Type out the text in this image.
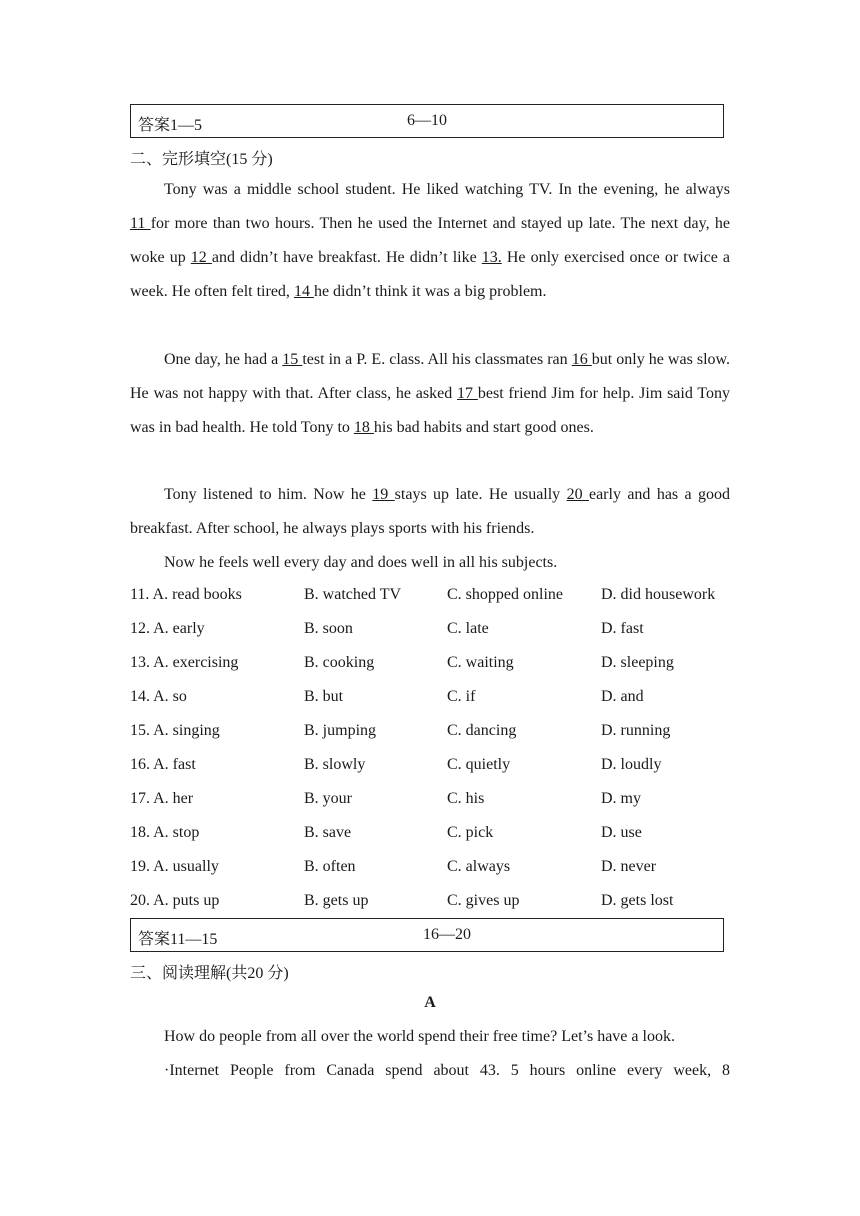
答案1—5	6—10
二、完形填空(15 分)

Tony was a middle school student. He liked watching TV. In the evening, he always 11 for more than two hours. Then he used the Internet and stayed up late. The next day, he woke up 12 and didn’t have breakfast. He didn’t like 13. He only exercised once or twice a week. He often felt tired, 14 he didn’t think it was a big problem.

One day, he had a 15 test in a P. E. class. All his classmates ran 16 but only he was slow. He was not happy with that. After class, he asked 17 best friend Jim for help. Jim said Tony was in bad health. He told Tony to 18 his bad habits and start good ones.

Tony listened to him. Now he 19 stays up late. He usually 20 early and has a good breakfast. After school, he always plays sports with his friends.

Now he feels well every day and does well in all his subjects.

11. A. read books	B. watched TV	C. shopped online D. did housework
12. A. early	B. soon	C. late	D. fast
13. A. exercising	B. cooking	C. waiting	D. sleeping
14. A. so	B. but	C. if	D. and
15. A. singing	B. jumping	C. dancing	D. running
16. A. fast	B. slowly	C. quietly	D. loudly
17. A. her	B. your	C. his	D. my
18. A. stop	B. save	C. pick	D. use
19. A. usually	B. often	C. always	D. never
20. A. puts up	B. gets up	C. gives up	D. gets lost
答案11—15	16—20
三、阅读理解(共20 分)
A
How do people from all over the world spend their free time? Let’s have a look.
·Internet People from Canada spend about 43. 5 hours online every week, 8
